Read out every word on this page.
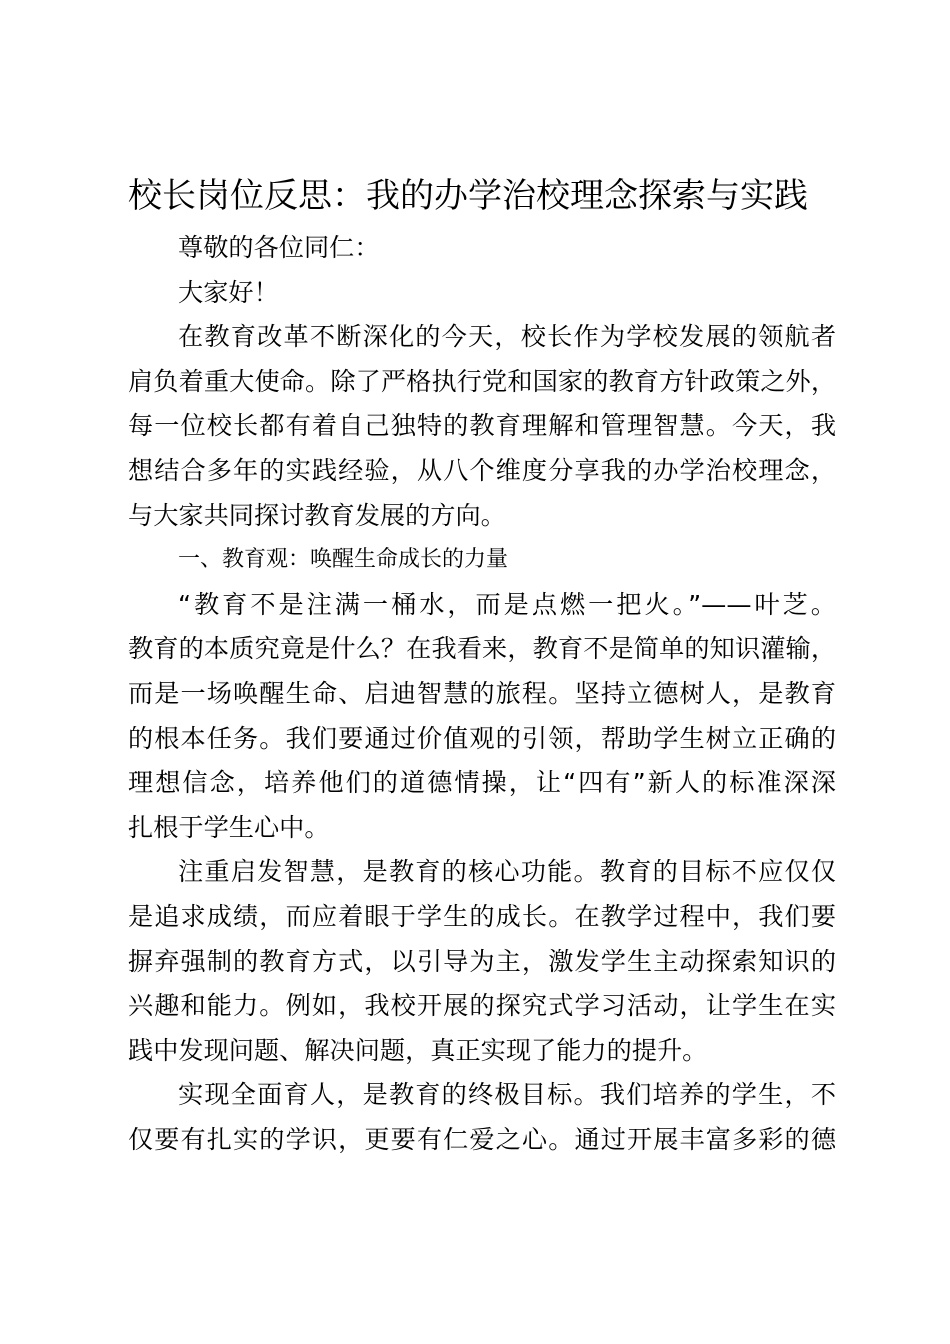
校长岗位反思：我的办学治校理念探索与实践
尊敬的各位同仁：
大家好！
在教育改革不断深化的今天，校长作为学校发展的领航者
肩负着重大使命。除了严格执行党和国家的教育方针政策之外，
每一位校长都有着自己独特的教育理解和管理智慧。今天，我
想结合多年的实践经验，从八个维度分享我的办学治校理念，
与大家共同探讨教育发展的方向。
一、教育观：唤醒生命成长的力量
“教育不是注满一桶水，而是点燃一把火。”——叶芝。
教育的本质究竟是什么？在我看来，教育不是简单的知识灌输，
而是一场唤醒生命、启迪智慧的旅程。坚持立德树人，是教育
的根本任务。我们要通过价值观的引领，帮助学生树立正确的
理想信念，培养他们的道德情操，让“四有”新人的标准深深
扎根于学生心中。
注重启发智慧，是教育的核心功能。教育的目标不应仅仅
是追求成绩，而应着眼于学生的成长。在教学过程中，我们要
摒弃强制的教育方式，以引导为主，激发学生主动探索知识的
兴趣和能力。例如，我校开展的探究式学习活动，让学生在实
践中发现问题、解决问题，真正实现了能力的提升。
实现全面育人，是教育的终极目标。我们培养的学生，不
仅要有扎实的学识，更要有仁爱之心。通过开展丰富多彩的德
